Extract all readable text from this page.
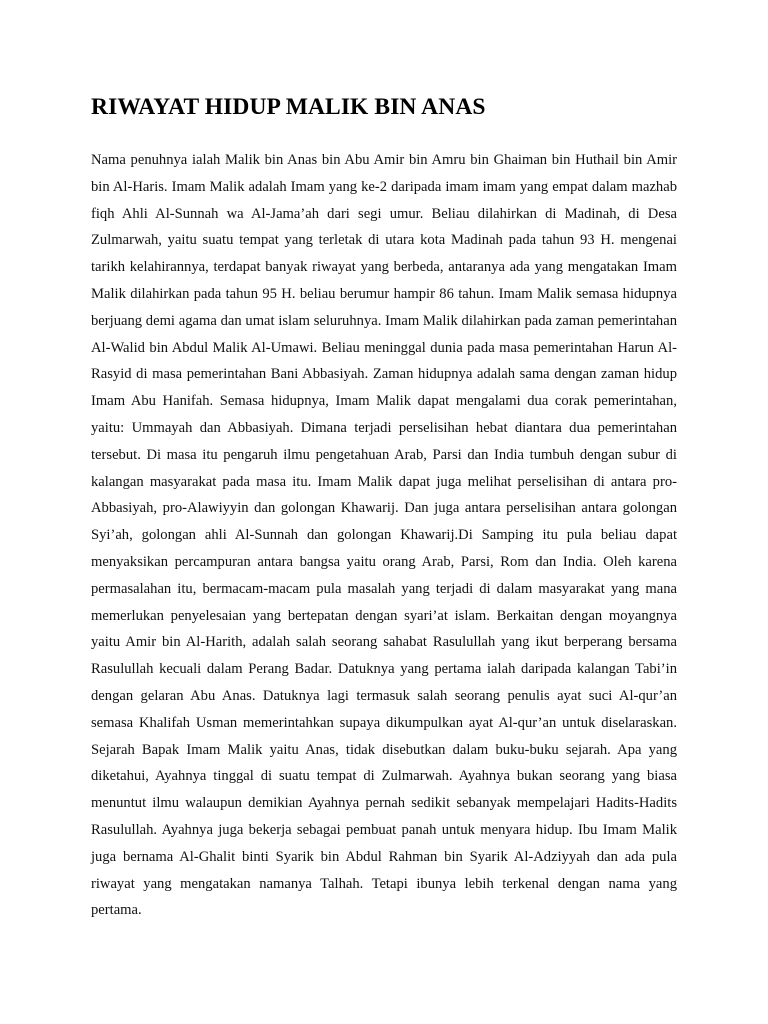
RIWAYAT HIDUP MALIK BIN ANAS

Nama penuhnya ialah Malik bin Anas bin Abu Amir bin Amru bin Ghaiman bin Huthail bin Amir bin Al-Haris. Imam Malik adalah Imam yang ke-2 daripada imam imam yang empat dalam mazhab fiqh Ahli Al-Sunnah wa Al-Jama’ah dari segi umur. Beliau dilahirkan di Madinah, di Desa Zulmarwah, yaitu suatu tempat yang terletak di utara kota Madinah pada tahun 93 H. mengenai tarikh kelahirannya, terdapat banyak riwayat yang berbeda, antaranya ada yang mengatakan Imam Malik dilahirkan pada tahun 95 H. beliau berumur hampir 86 tahun. Imam Malik semasa hidupnya berjuang demi agama dan umat islam seluruhnya. Imam Malik dilahirkan pada zaman pemerintahan Al-Walid bin Abdul Malik Al-Umawi. Beliau meninggal dunia pada masa pemerintahan Harun Al-Rasyid di masa pemerintahan Bani Abbasiyah. Zaman hidupnya adalah sama dengan zaman hidup Imam Abu Hanifah. Semasa hidupnya, Imam Malik dapat mengalami dua corak pemerintahan, yaitu: Ummayah dan Abbasiyah. Dimana terjadi perselisihan hebat diantara dua pemerintahan tersebut. Di masa itu pengaruh ilmu pengetahuan Arab, Parsi dan India tumbuh dengan subur di kalangan masyarakat pada masa itu. Imam Malik dapat juga melihat perselisihan di antara pro-Abbasiyah, pro-Alawiyyin dan golongan Khawarij. Dan juga antara perselisihan antara golongan Syi’ah, golongan ahli Al-Sunnah dan golongan Khawarij.Di Samping itu pula beliau dapat menyaksikan percampuran antara bangsa yaitu orang Arab, Parsi, Rom dan India. Oleh karena permasalahan itu, bermacam-macam pula masalah yang terjadi di dalam masyarakat yang mana memerlukan penyelesaian yang bertepatan dengan syari’at islam. Berkaitan dengan moyangnya yaitu Amir bin Al-Harith, adalah salah seorang sahabat Rasulullah yang ikut berperang bersama Rasulullah kecuali dalam Perang Badar. Datuknya yang pertama ialah daripada kalangan Tabi’in dengan gelaran Abu Anas. Datuknya lagi termasuk salah seorang penulis ayat suci Al-qur’an semasa Khalifah Usman memerintahkan supaya dikumpulkan ayat Al-qur’an untuk diselaraskan. Sejarah Bapak Imam Malik yaitu Anas, tidak disebutkan dalam buku-buku sejarah. Apa yang diketahui, Ayahnya tinggal di suatu tempat di Zulmarwah. Ayahnya bukan seorang yang biasa menuntut ilmu walaupun demikian Ayahnya pernah sedikit sebanyak mempelajari Hadits-Hadits Rasulullah. Ayahnya juga bekerja sebagai pembuat panah untuk menyara hidup. Ibu Imam Malik juga bernama Al-Ghalit binti Syarik bin Abdul Rahman bin Syarik Al-Adziyyah dan ada pula riwayat yang mengatakan namanya Talhah. Tetapi ibunya lebih terkenal dengan nama yang pertama.
